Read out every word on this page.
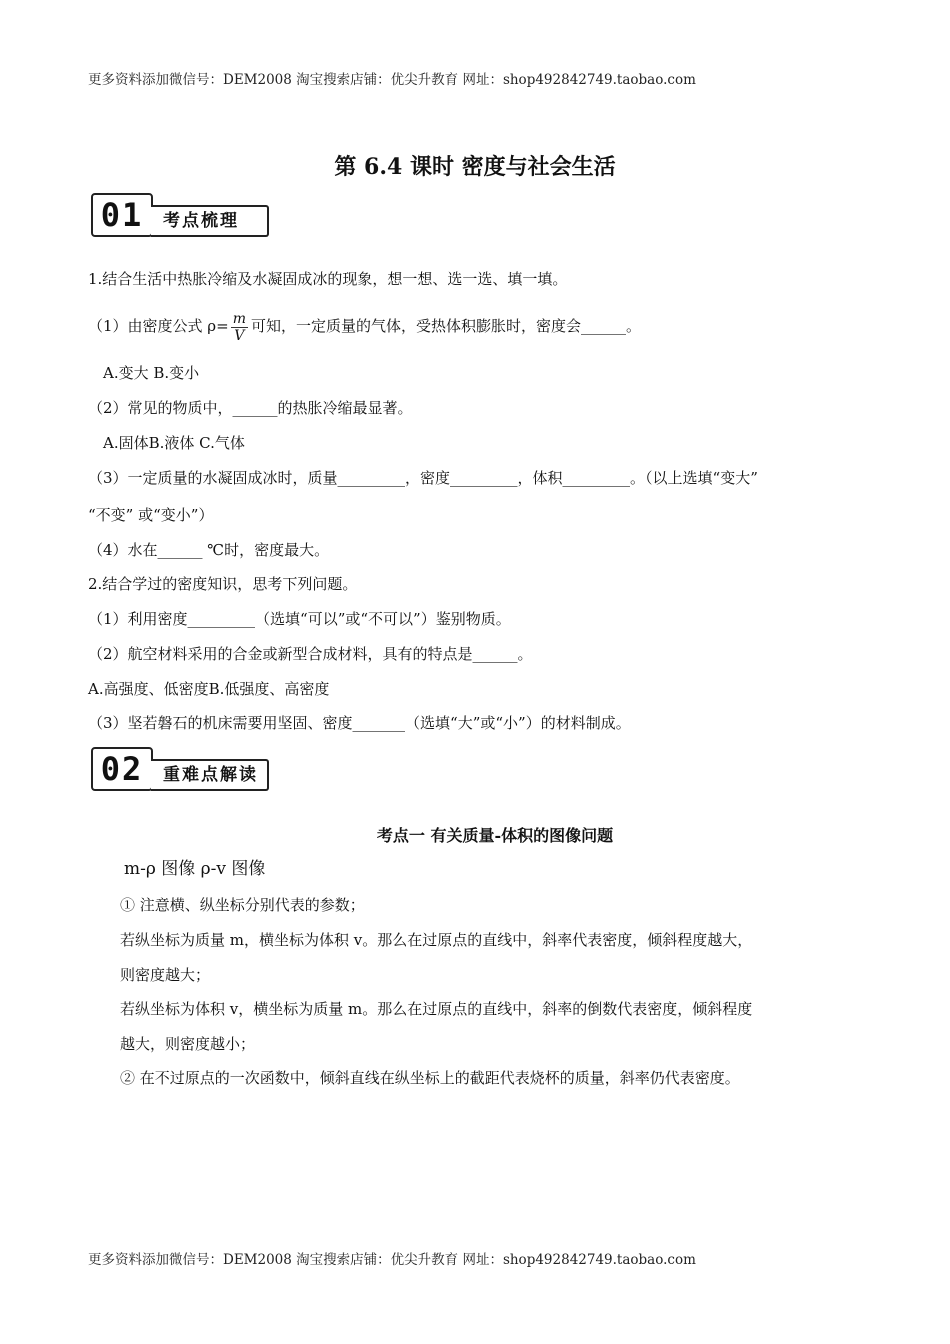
更多资料添加微信号：DEM2008 淘宝搜索店铺：优尖升教育 网址：shop492842749.taobao.com
第 6.4 课时 密度与社会生活
01	考点梳理
1.结合生活中热胀冷缩及水凝固成冰的现象，想一想、选一选、填一填。
（1）由密度公式 $\rho= \frac{m}{V}$ 可知，一定质量的气体，受热体积膨胀时，密度会______。
A.变大 B.变小
（2）常见的物质中，______的热胀冷缩最显著。
A.固体B.液体 C.气体
（3）一定质量的水凝固成冰时，质量_________，密度_________，体积_________。（以上选填“变大”
“不变” 或“变小”）
（4）水在______ ℃时，密度最大。
2.结合学过的密度知识，思考下列问题。
（1）利用密度_________（选填“可以”或“不可以”）鉴别物质。
（2）航空材料采用的合金或新型合成材料，具有的特点是______。
A.高强度、低密度B.低强度、高密度
（3）坚若磐石的机床需要用坚固、密度_______（选填“大”或“小”）的材料制成。
02	重难点解读
考点一 有关质量-体积的图像问题
m-ρ 图像 ρ-v 图像
① 注意横、纵坐标分别代表的参数；
若纵坐标为质量 m，横坐标为体积 v。那么在过原点的直线中，斜率代表密度，倾斜程度越大，
则密度越大；
若纵坐标为体积 v，横坐标为质量 m。那么在过原点的直线中，斜率的倒数代表密度，倾斜程度
越大，则密度越小；
② 在不过原点的一次函数中，倾斜直线在纵坐标上的截距代表烧杯的质量，斜率仍代表密度。
更多资料添加微信号：DEM2008 淘宝搜索店铺：优尖升教育 网址：shop492842749.taobao.com
